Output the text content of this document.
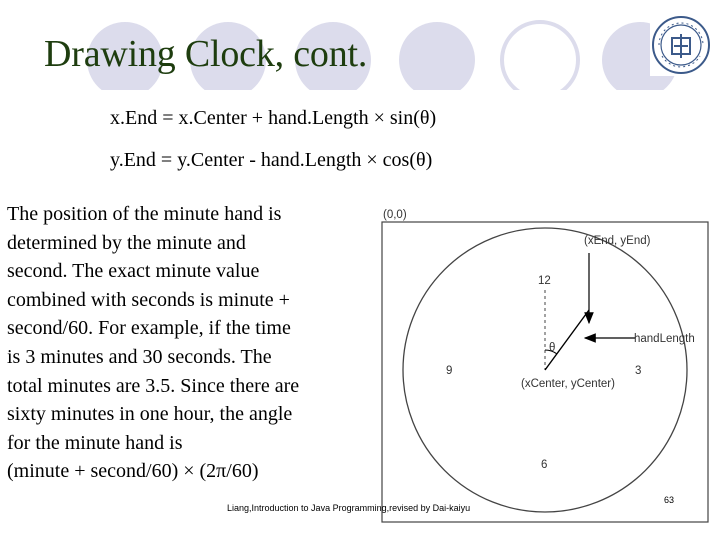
Drawing Clock, cont.
x.End = x.Center + hand.Length × sin(θ)
y.End = y.Center - hand.Length × cos(θ)
The position of the minute hand is
determined by the minute and
second. The exact minute value
combined with seconds is minute +
second/60. For example, if the time
is 3 minutes and 30 seconds. The
total minutes are 3.5. Since there are
sixty minutes in one hour, the angle
for the minute hand is
(minute + second/60) × (2π/60)
(0,0)
(xEnd, yEnd)
handLength
(xCenter, yCenter)
θ
12
3
6
9
Liang,Introduction to Java Programming,revised by Dai-kaiyu
63
